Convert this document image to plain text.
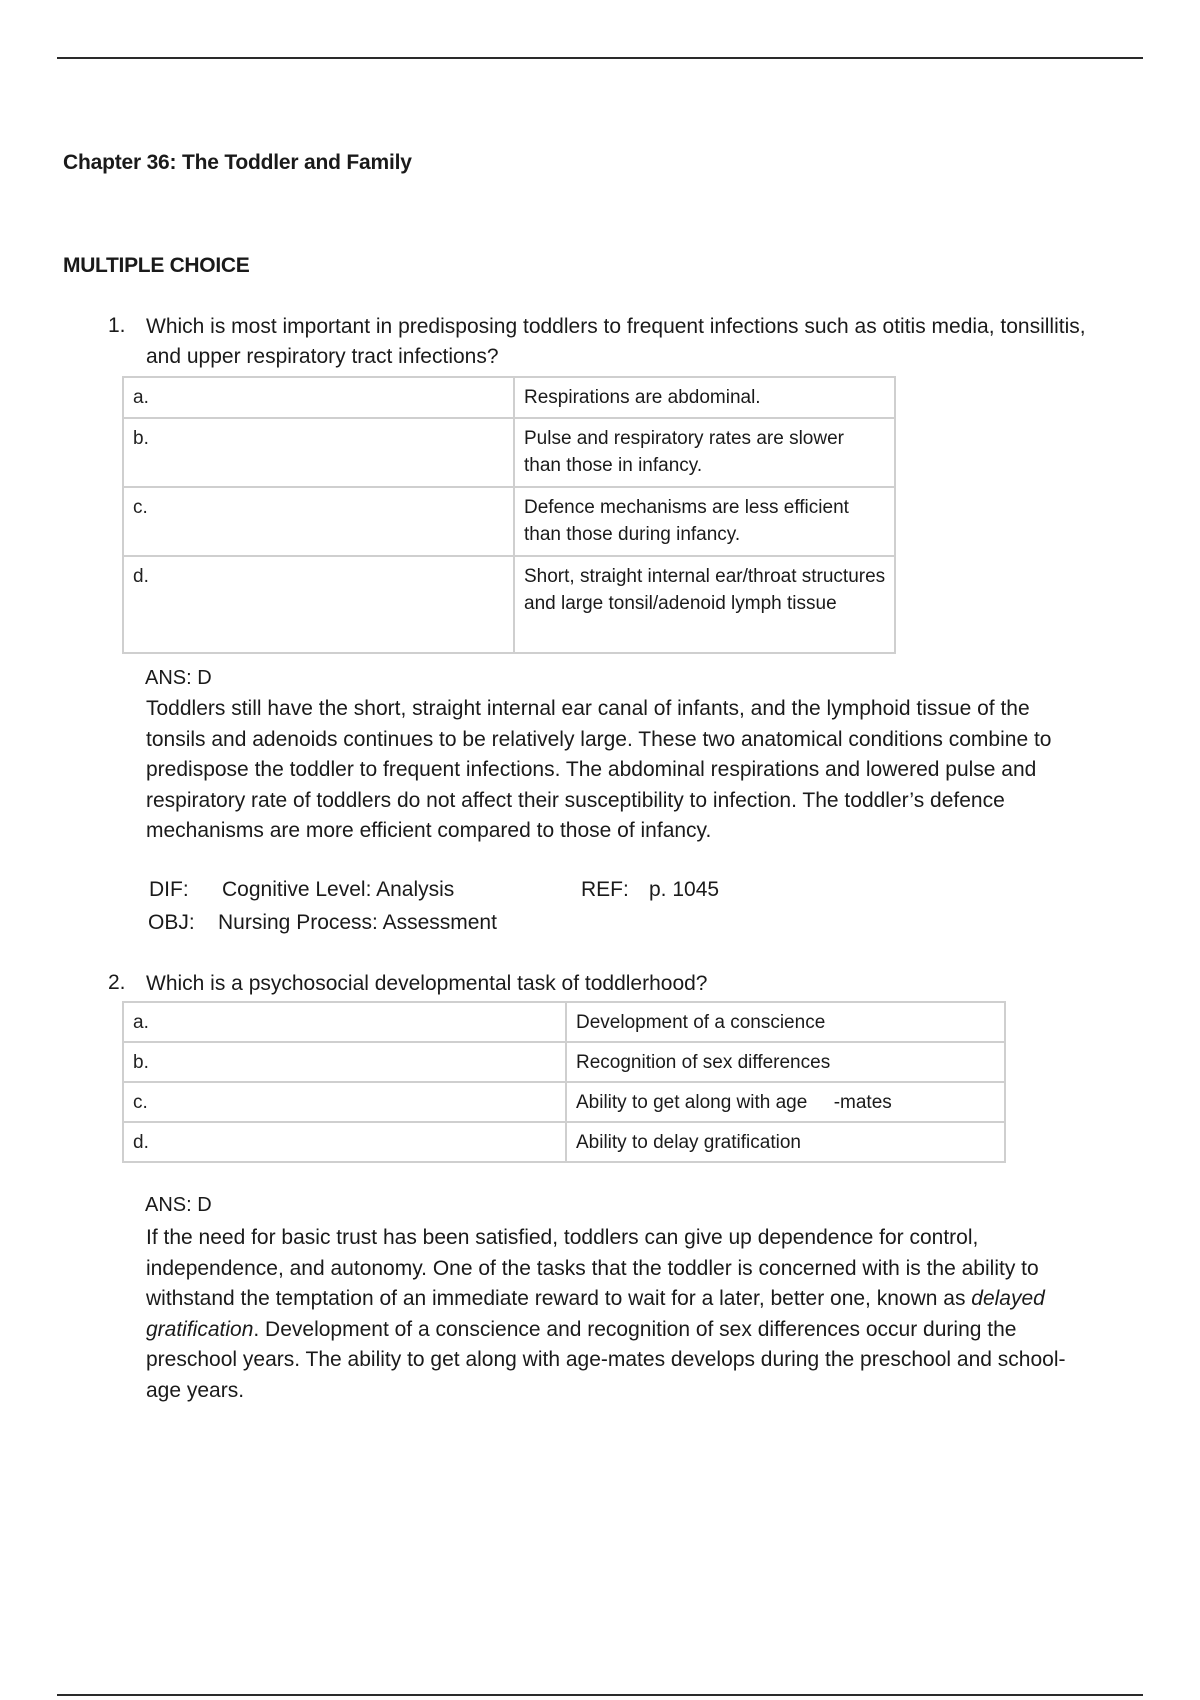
Chapter 36: The Toddler and Family
MULTIPLE CHOICE
1. Which is most important in predisposing toddlers to frequent infections such as otitis media, tonsillitis, and upper respiratory tract infections?
a.	Respirations are abdominal.
b.	Pulse and respiratory rates are slower than those in infancy.
c.	Defence mechanisms are less efficient than those during infancy.
d.	Short, straight internal ear/throat structures and large tonsil/adenoid lymph tissue
ANS: D
Toddlers still have the short, straight internal ear canal of infants, and the lymphoid tissue of the tonsils and adenoids continues to be relatively large. These two anatomical conditions combine to predispose the toddler to frequent infections. The abdominal respirations and lowered pulse and respiratory rate of toddlers do not affect their susceptibility to infection. The toddler’s defence mechanisms are more efficient compared to those of infancy.
DIF: Cognitive Level: Analysis	REF: p. 1045
OBJ: Nursing Process: Assessment
2. Which is a psychosocial developmental task of toddlerhood?
a.	Development of a conscience
b.	Recognition of sex differences
c.	Ability to get along with age     -mates
d.	Ability to delay gratification
ANS: D
If the need for basic trust has been satisfied, toddlers can give up dependence for control, independence, and autonomy. One of the tasks that the toddler is concerned with is the ability to withstand the temptation of an immediate reward to wait for a later, better one, known as delayed gratification. Development of a conscience and recognition of sex differences occur during the preschool years. The ability to get along with age-mates develops during the preschool and school-age years.
